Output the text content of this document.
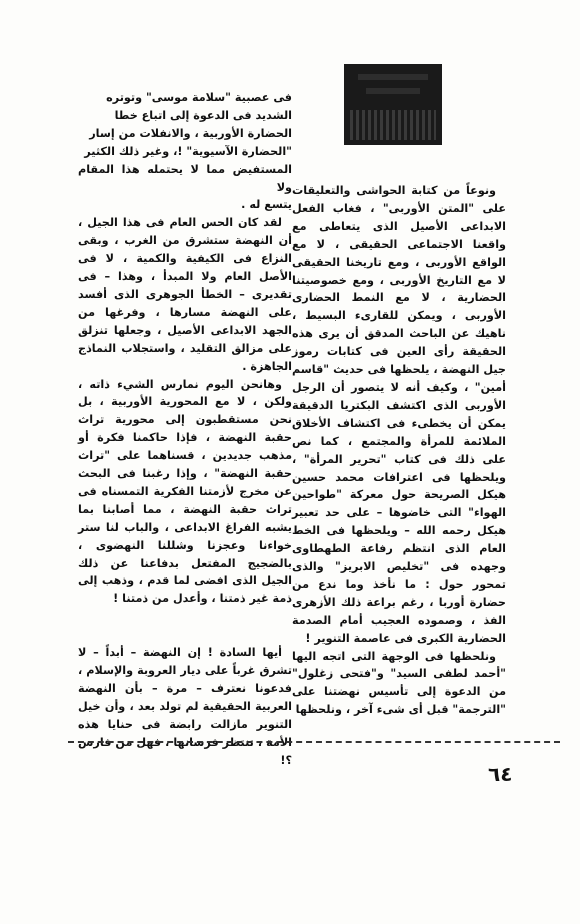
فى عصبية "سلامة موسى" وتوتره

الشديد فى الدعوة إلى اتباع خطا

الحضارة الأوربية ، والانفلات من إسار

"الحضارة الآسيوية" !، وغير ذلك الكثير

المستفيض مما لا يحتمله هذا المقام ولا

يتسع له .

لقد كان الحس العام فى هذا الجيل ، أن النهضة ستشرق من الغرب ، وبقى النزاع فى الكيفية والكمية ، لا فى الأصل العام ولا المبدأ ، وهذا – فى تقديرى – الخطأ الجوهرى الذى أفسد على النهضة مسارها ، وفرغها من الجهد الابداعى الأصيل ، وجعلها تنزلق على مزالق التقليد ، واستجلاب النماذج الجاهزة .

وهانحن اليوم نمارس الشيء ذاته ، ولكن ، لا مع المحورية الأوربية ، بل نحن مستقطبون إلى محورية تراث حقبة النهضة ، فإذا حاكمنا فكرة أو مذهب جديدين ، قسناهما على "تراث حقبة النهضة" ، وإذا رغبنا فى البحث عن مخرج لأزمتنا الفكرية التمسناه فى تراث حقبة النهضة ، مما أصابنا بما يشبه الفراغ الابداعى ، والباب لنا ستر خواءنا وعجزنا وشللنا النهضوى ، بالضجيج المفتعل بدفاعنا عن ذلك الجيل الذى افضى لما قدم ، وذهب إلى ذمة غير ذمتنا ، وأعدل من ذمتنا !

أيها السادة ! إن النهضة – أبداً – لا تشرق غرباً على ديار العروبة والإسلام ، فدعونا نعترف – مرة – بأن النهضة العربية الحقيقية لم تولد بعد ، وأن خيل التنوير مازالت رابضة فى حنايا هذه الأمة ، تنتظر فرسانها ، فهل من فارس ؟!

ونوعاً من كتابة الحواشى والتعليقات على "المتن الأوربى" ، فغاب الفعل الابداعى الأصيل الذى يتعاطى مع واقعنا الاجتماعى الحقيقى ، لا مع الواقع الأوربى ، ومع تاريخنا الحقيقى لا مع التاريخ الأوربى ، ومع خصوصيتنا الحضارية ، لا مع النمط الحضارى الأوربى ، ويمكن للقارىء البسيط ، ناهيك عن الباحث المدقق أن يرى هذه الحقيقة رأى العين فى كتابات رموز جيل النهضة ، يلحظها فى حديث "قاسم أمين" ، وكيف أنه لا يتصور أن الرجل الأوربى الذى اكتشف البكتريا الدقيقة يمكن أن يخطىء فى اكتشاف الأخلاق الملائمة للمرأة والمجتمع ، كما نص على ذلك فى كتاب "تحرير المرأة" ، ويلحظها فى اعترافات محمد حسين هيكل الصريحة حول معركة "طواحين الهواء" التى خاضوها – على حد تعبير هيكل رحمه الله – ويلحظها فى الخط العام الذى انتظم رفاعة الطهطاوى وجهده فى "تخليص الابريز" والذى تمحور حول : ما نأخذ وما ندع من حضارة أوربا ، رغم براعة ذلك الأزهرى الفذ ، وصموده العجيب أمام الصدمة الحضارية الكبرى فى عاصمة التنوير !

ونلحظها فى الوجهة التى اتجه اليها "أحمد لطفى السيد" و"فتحى زغلول" من الدعوة إلى تأسيس نهضتنا على "الترجمة" قبل أى شىء آخر ، ونلحظها

٦٤
